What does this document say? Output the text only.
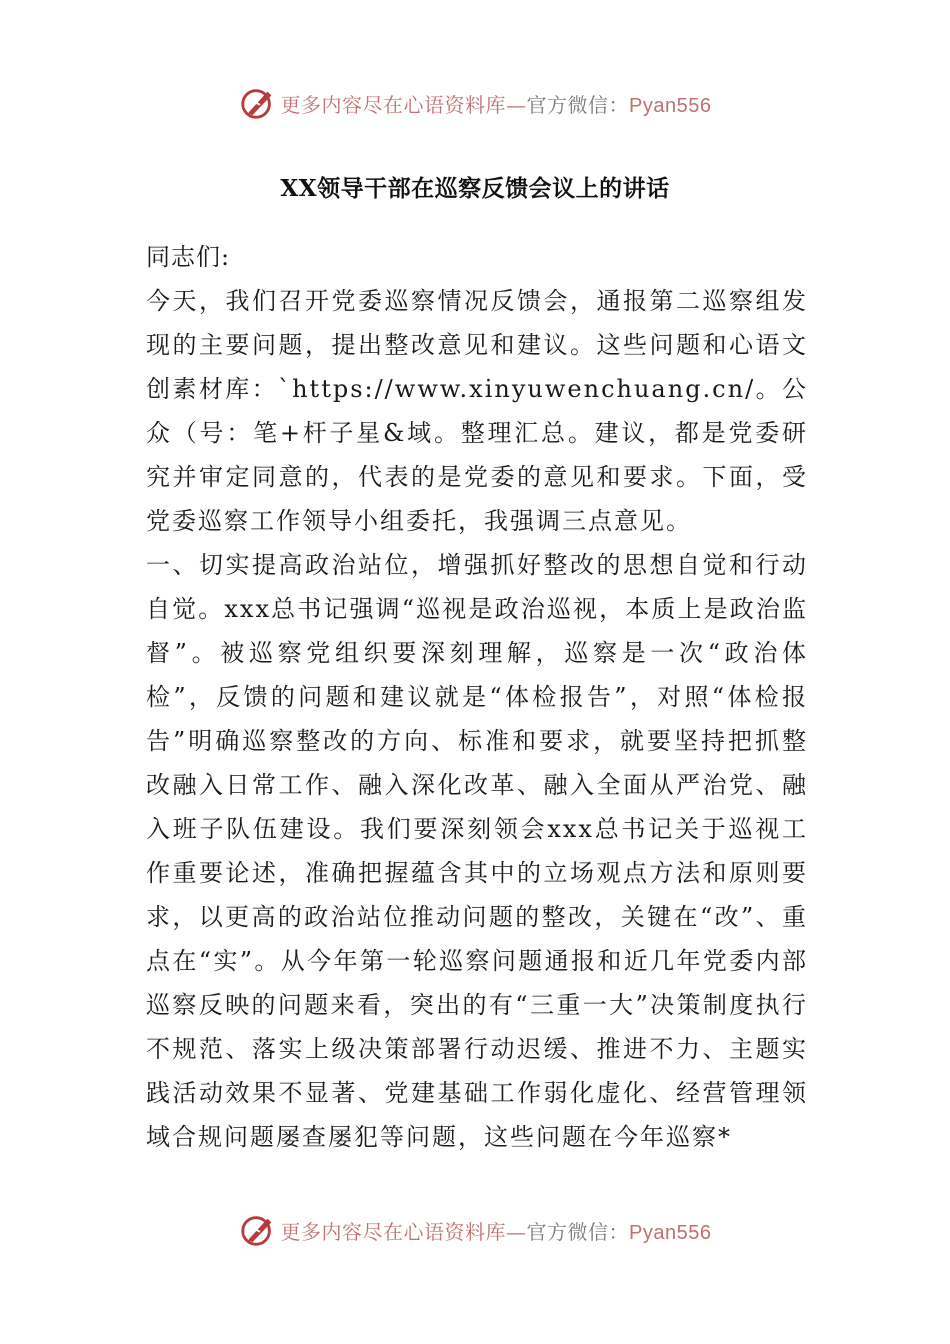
更多内容尽在心语资料库—官方微信：Pyan556
XX领导干部在巡察反馈会议上的讲话

同志们:

今天，我们召开党委巡察情况反馈会，通报第二巡察组发现的主要问题，提出整改意见和建议。这些问题和心语文创素材库：`https://www.xinyuwenchuang.cn/。公众（号：笔+杆子星&域。整理汇总。建议，都是党委研究并审定同意的，代表的是党委的意见和要求。下面，受党委巡察工作领导小组委托，我强调三点意见。

一、切实提高政治站位，增强抓好整改的思想自觉和行动自觉。xxx总书记强调“巡视是政治巡视，本质上是政治监督”。被巡察党组织要深刻理解，巡察是一次“政治体检”，反馈的问题和建议就是“体检报告”，对照“体检报告”明确巡察整改的方向、标准和要求，就要坚持把抓整改融入日常工作、融入深化改革、融入全面从严治党、融入班子队伍建设。我们要深刻领会xxx总书记关于巡视工作重要论述，准确把握蕴含其中的立场观点方法和原则要求，以更高的政治站位推动问题的整改，关键在“改”、重点在“实”。从今年第一轮巡察问题通报和近几年党委内部巡察反映的问题来看，突出的有“三重一大”决策制度执行不规范、落实上级决策部署行动迟缓、推进不力、主题实践活动效果不显著、党建基础工作弱化虚化、经营管理领域合规问题屡查屡犯等问题，这些问题在今年巡察*

更多内容尽在心语资料库—官方微信：Pyan556
